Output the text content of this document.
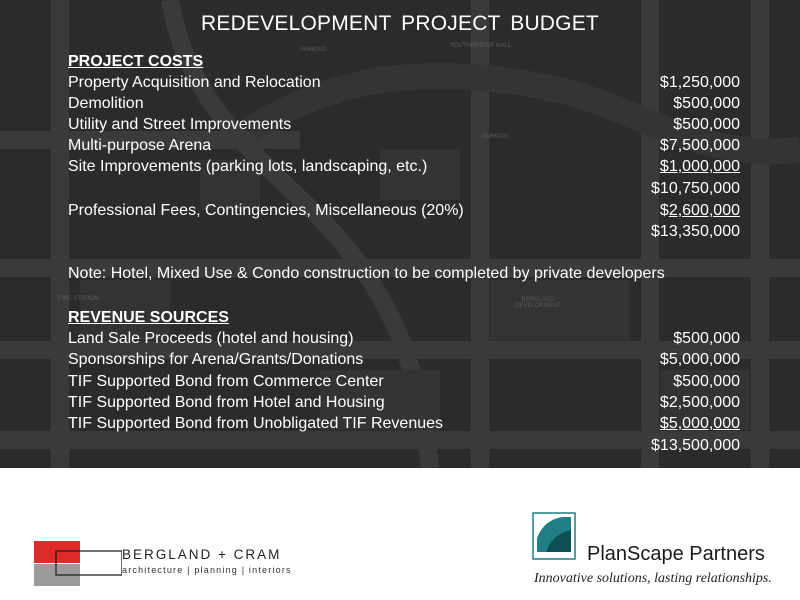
REDEVELOPMENT PROJECT BUDGET
PROJECT COSTS
Property Acquisition and Relocation	$1,250,000
Demolition	$500,000
Utility and Street Improvements	$500,000
Multi-purpose Arena	$7,500,000
Site Improvements (parking lots, landscaping, etc.)	$1,000,000
$10,750,000
Professional Fees, Contingencies, Miscellaneous (20%)	$2,600,000
$13,350,000
Note: Hotel, Mixed Use & Condo construction to be completed by private developers
REVENUE SOURCES
Land Sale Proceeds (hotel and housing)	$500,000
Sponsorships for Arena/Grants/Donations	$5,000,000
TIF Supported Bond from Commerce Center	$500,000
TIF Supported Bond from Hotel and Housing	$2,500,000
TIF Supported Bond from Unobligated TIF Revenues	$5,000,000
$13,500,000
PARKING
SOUTHBRIDGE MALL
PARKING
FIRE STATION	BERGLAND DEVELOPMENT
BERGLAND + CRAM
architecture | planning | interiors
PlanScape Partners
Innovative solutions, lasting relationships.
